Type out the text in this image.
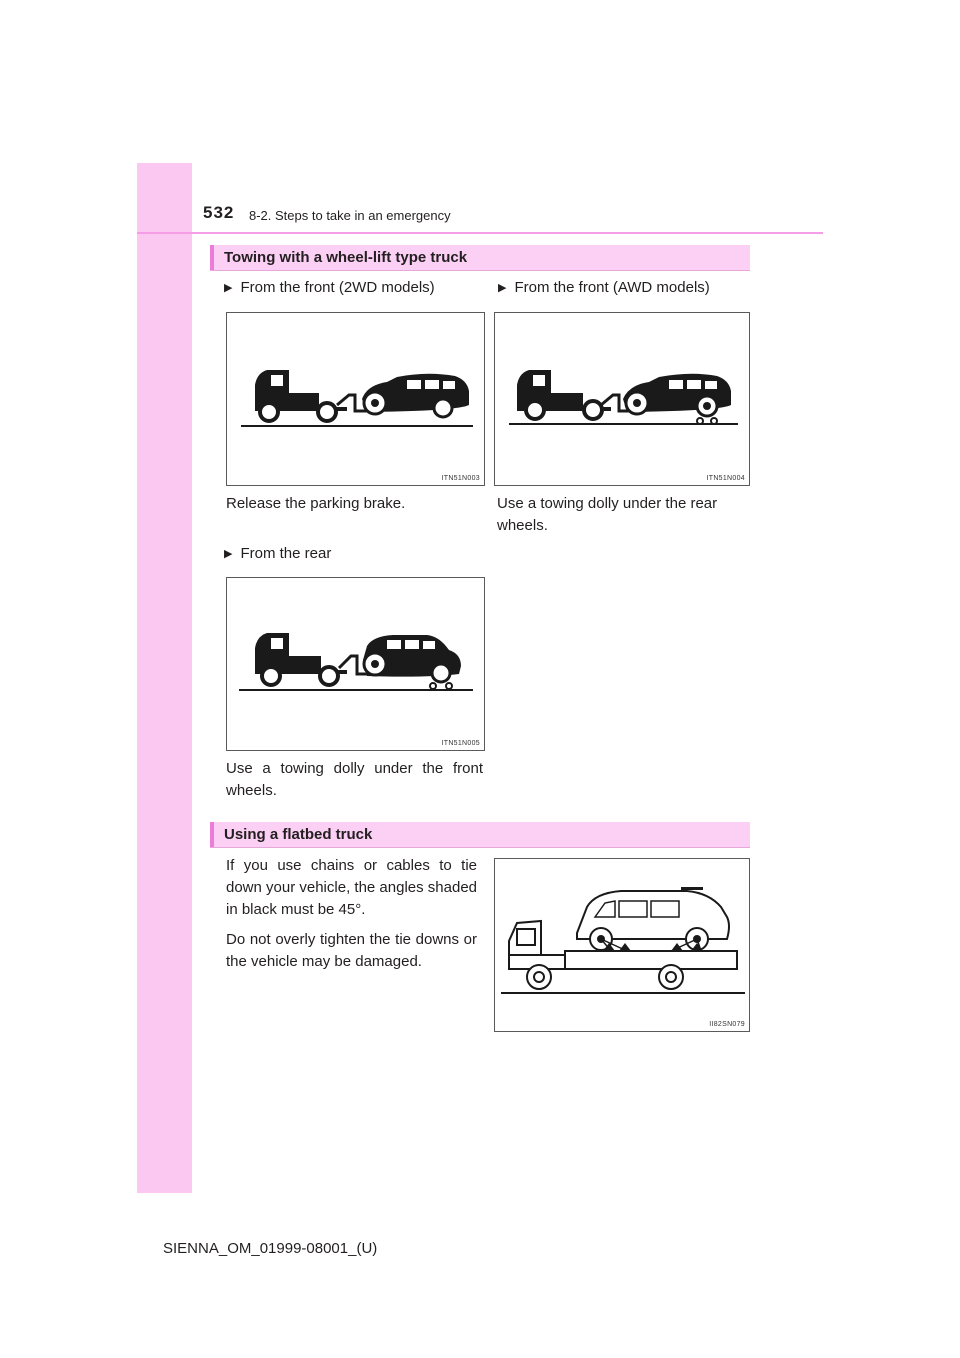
532 8-2. Steps to take in an emergency
Towing with a wheel-lift type truck
▶ From the front (2WD models)	▶ From the front (AWD models)
ITN51N003	ITN51N004
Release the parking brake.	Use a towing dolly under the rear
wheels.
▶ From the rear
ITN51N005
Use a towing dolly under the front
wheels.
Using a flatbed truck

If you use chains or cables to tie down your vehicle, the angles shaded in black must be 45°.

Do not overly tighten the tie downs or the vehicle may be damaged.

II82SN079
SIENNA_OM_01999-08001_(U)
